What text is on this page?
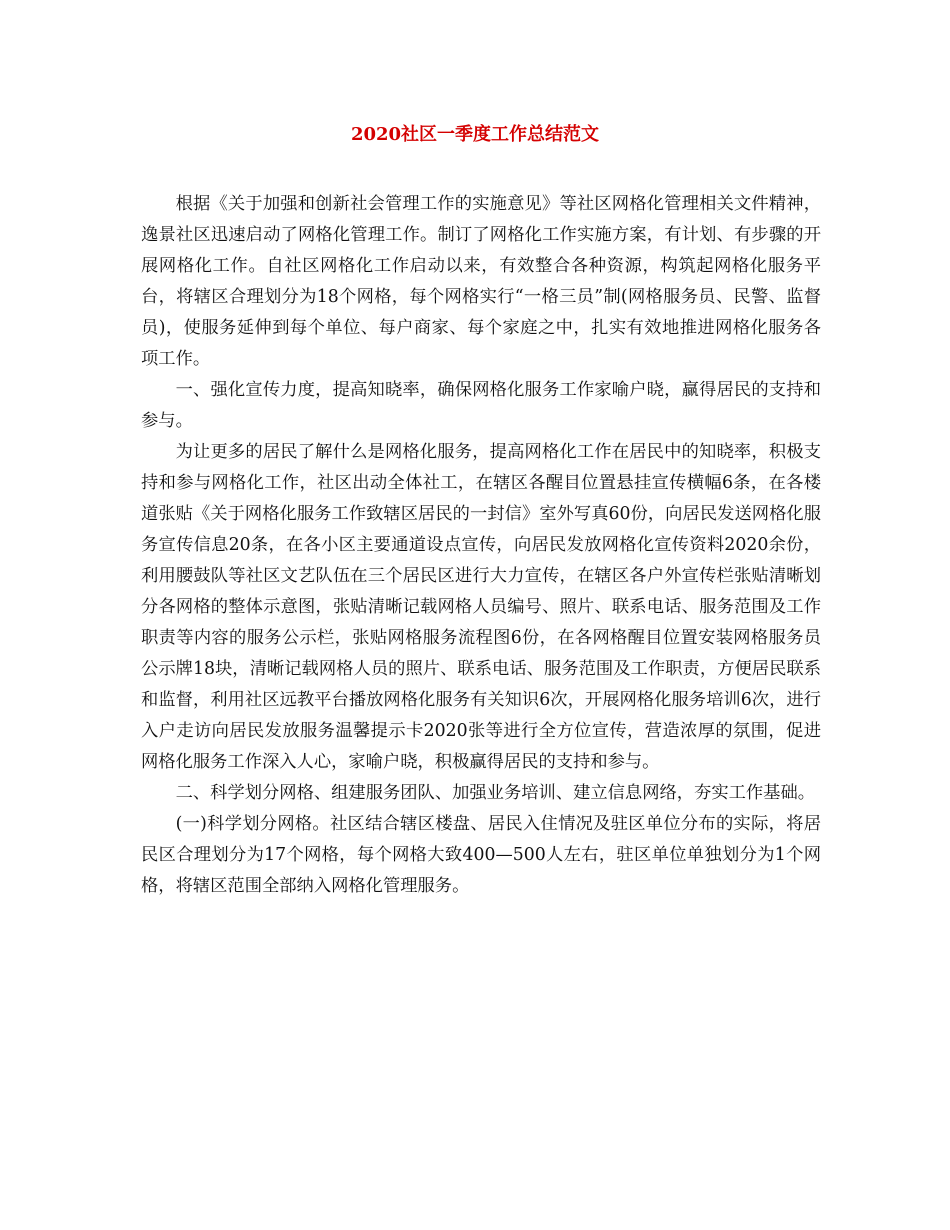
2020社区一季度工作总结范文

根据《关于加强和创新社会管理工作的实施意见》等社区网格化管理相关文件精神，逸景社区迅速启动了网格化管理工作。制订了网格化工作实施方案，有计划、有步骤的开展网格化工作。自社区网格化工作启动以来，有效整合各种资源，构筑起网格化服务平台，将辖区合理划分为18个网格，每个网格实行“一格三员”制(网格服务员、民警、监督员)，使服务延伸到每个单位、每户商家、每个家庭之中，扎实有效地推进网格化服务各项工作。

一、强化宣传力度，提高知晓率，确保网格化服务工作家喻户晓，赢得居民的支持和参与。

为让更多的居民了解什么是网格化服务，提高网格化工作在居民中的知晓率，积极支持和参与网格化工作，社区出动全体社工，在辖区各醒目位置悬挂宣传横幅6条，在各楼道张贴《关于网格化服务工作致辖区居民的一封信》室外写真60份，向居民发送网格化服务宣传信息20条，在各小区主要通道设点宣传，向居民发放网格化宣传资料2020余份，利用腰鼓队等社区文艺队伍在三个居民区进行大力宣传，在辖区各户外宣传栏张贴清晰划分各网格的整体示意图，张贴清晰记载网格人员编号、照片、联系电话、服务范围及工作职责等内容的服务公示栏，张贴网格服务流程图6份，在各网格醒目位置安装网格服务员公示牌18块，清晰记载网格人员的照片、联系电话、服务范围及工作职责，方便居民联系和监督，利用社区远教平台播放网格化服务有关知识6次，开展网格化服务培训6次，进行入户走访向居民发放服务温馨提示卡2020张等进行全方位宣传，营造浓厚的氛围，促进网格化服务工作深入人心，家喻户晓，积极赢得居民的支持和参与。

二、科学划分网格、组建服务团队、加强业务培训、建立信息网络，夯实工作基础。

(一)科学划分网格。社区结合辖区楼盘、居民入住情况及驻区单位分布的实际，将居民区合理划分为17个网格，每个网格大致400—500人左右，驻区单位单独划分为1个网格，将辖区范围全部纳入网格化管理服务。
